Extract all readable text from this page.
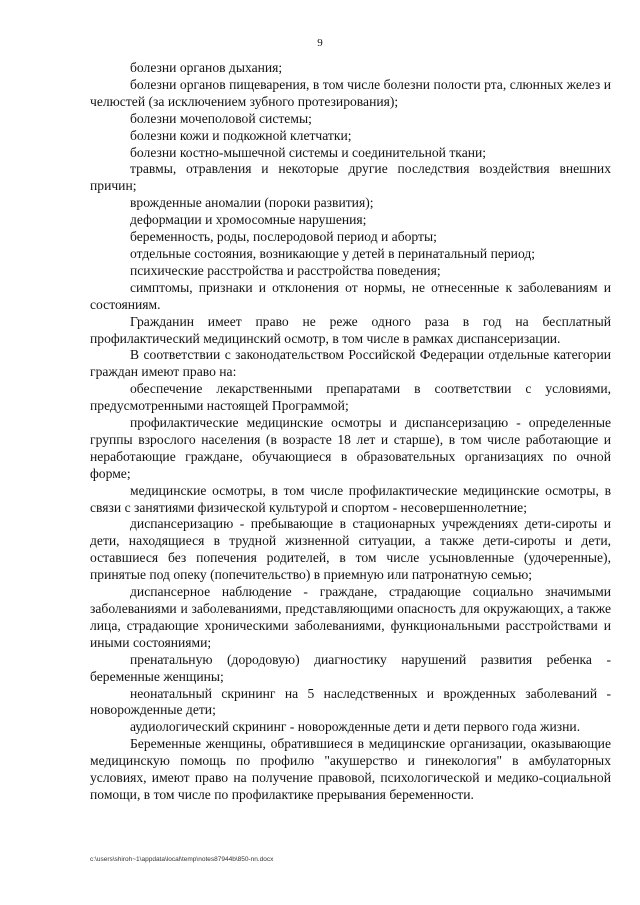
9

болезни органов дыхания;

болезни органов пищеварения, в том числе болезни полости рта, слюнных желез и челюстей (за исключением зубного протезирования);

болезни мочеполовой системы;

болезни кожи и подкожной клетчатки;

болезни костно-мышечной системы и соединительной ткани;

травмы, отравления и некоторые другие последствия воздействия внешних причин;

врожденные аномалии (пороки развития);

деформации и хромосомные нарушения;

беременность, роды, послеродовой период и аборты;

отдельные состояния, возникающие у детей в перинатальный период;

психические расстройства и расстройства поведения;

симптомы, признаки и отклонения от нормы, не отнесенные к заболеваниям и состояниям.

Гражданин имеет право не реже одного раза в год на бесплатный профилактический медицинский осмотр, в том числе в рамках диспансеризации.

В соответствии с законодательством Российской Федерации отдельные категории граждан имеют право на:

обеспечение лекарственными препаратами в соответствии с условиями, предусмотренными настоящей Программой;

профилактические медицинские осмотры и диспансеризацию - определенные группы взрослого населения (в возрасте 18 лет и старше), в том числе работающие и неработающие граждане, обучающиеся в образовательных организациях по очной форме;

медицинские осмотры, в том числе профилактические медицинские осмотры, в связи с занятиями физической культурой и спортом - несовершеннолетние;

диспансеризацию - пребывающие в стационарных учреждениях дети-сироты и дети, находящиеся в трудной жизненной ситуации, а также дети-сироты и дети, оставшиеся без попечения родителей, в том числе усыновленные (удочеренные), принятые под опеку (попечительство) в приемную или патронатную семью;

диспансерное наблюдение - граждане, страдающие социально значимыми заболеваниями и заболеваниями, представляющими опасность для окружающих, а также лица, страдающие хроническими заболеваниями, функциональными расстройствами и иными состояниями;

пренатальную (дородовую) диагностику нарушений развития ребенка - беременные женщины;

неонатальный скрининг на 5 наследственных и врожденных заболеваний - новорожденные дети;

аудиологический скрининг - новорожденные дети и дети первого года жизни.

Беременные женщины, обратившиеся в медицинские организации, оказывающие медицинскую помощь по профилю "акушерство и гинекология" в амбулаторных условиях, имеют право на получение правовой, психологической и медико-социальной помощи, в том числе по профилактике прерывания беременности.

c:\users\shiroh~1\appdata\local\temp\notes87944b\850-nn.docx
